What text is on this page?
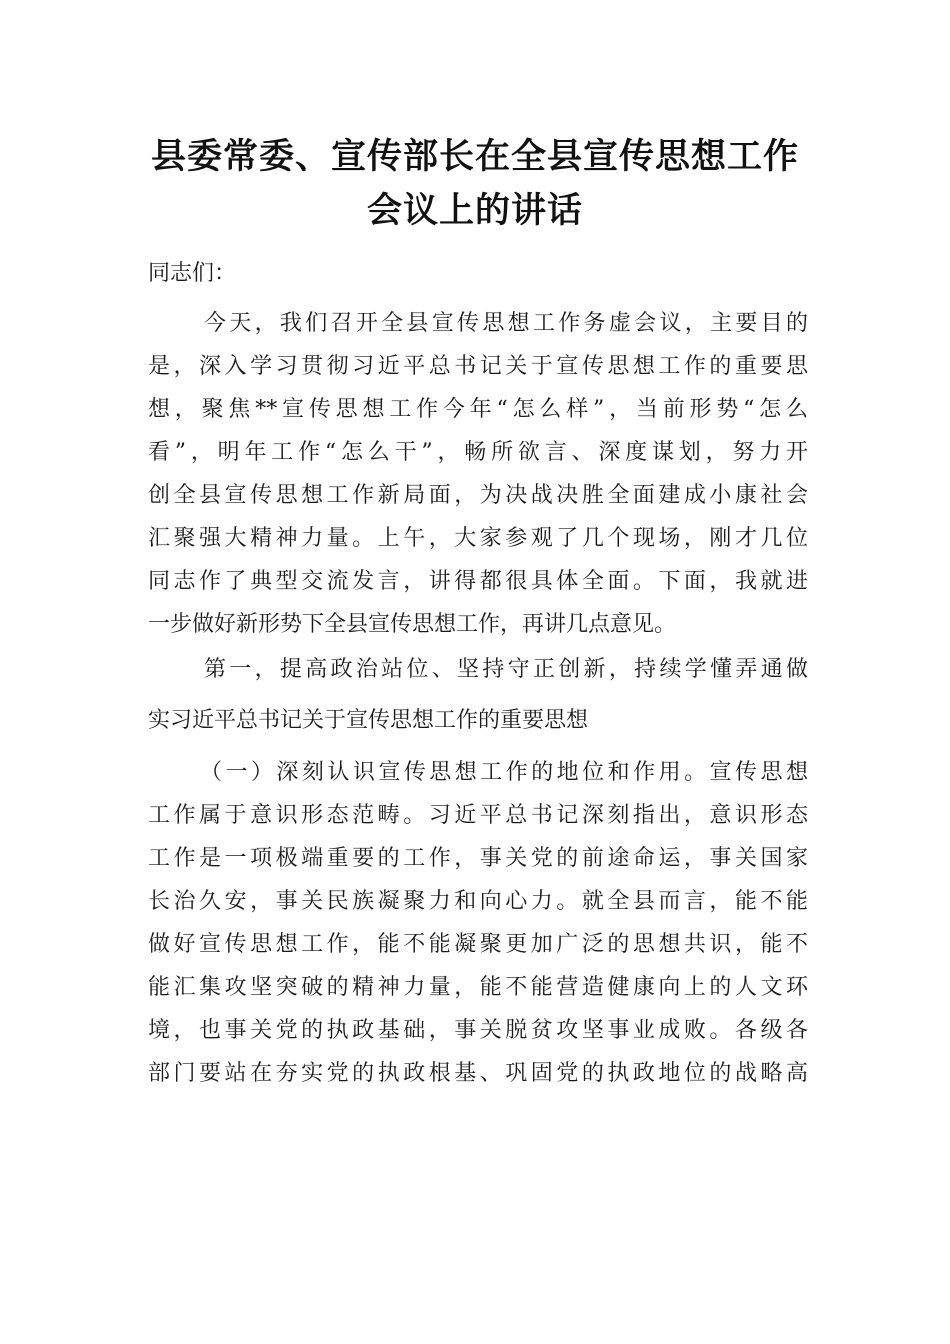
县委常委、宣传部长在全县宣传思想工作
会议上的讲话

同志们：

今天，我们召开全县宣传思想工作务虚会议，主要目的

是，深入学习贯彻习近平总书记关于宣传思想工作的重要思

想，聚焦**宣传思想工作今年“怎么样”，当前形势“怎么

看”，明年工作“怎么干”，畅所欲言、深度谋划，努力开

创全县宣传思想工作新局面，为决战决胜全面建成小康社会

汇聚强大精神力量。上午，大家参观了几个现场，刚才几位

同志作了典型交流发言，讲得都很具体全面。下面，我就进

一步做好新形势下全县宣传思想工作，再讲几点意见。

第一，提高政治站位、坚持守正创新，持续学懂弄通做

实习近平总书记关于宣传思想工作的重要思想

（一）深刻认识宣传思想工作的地位和作用。宣传思想

工作属于意识形态范畴。习近平总书记深刻指出，意识形态

工作是一项极端重要的工作，事关党的前途命运，事关国家

长治久安，事关民族凝聚力和向心力。就全县而言，能不能

做好宣传思想工作，能不能凝聚更加广泛的思想共识，能不

能汇集攻坚突破的精神力量，能不能营造健康向上的人文环

境，也事关党的执政基础，事关脱贫攻坚事业成败。各级各

部门要站在夯实党的执政根基、巩固党的执政地位的战略高
